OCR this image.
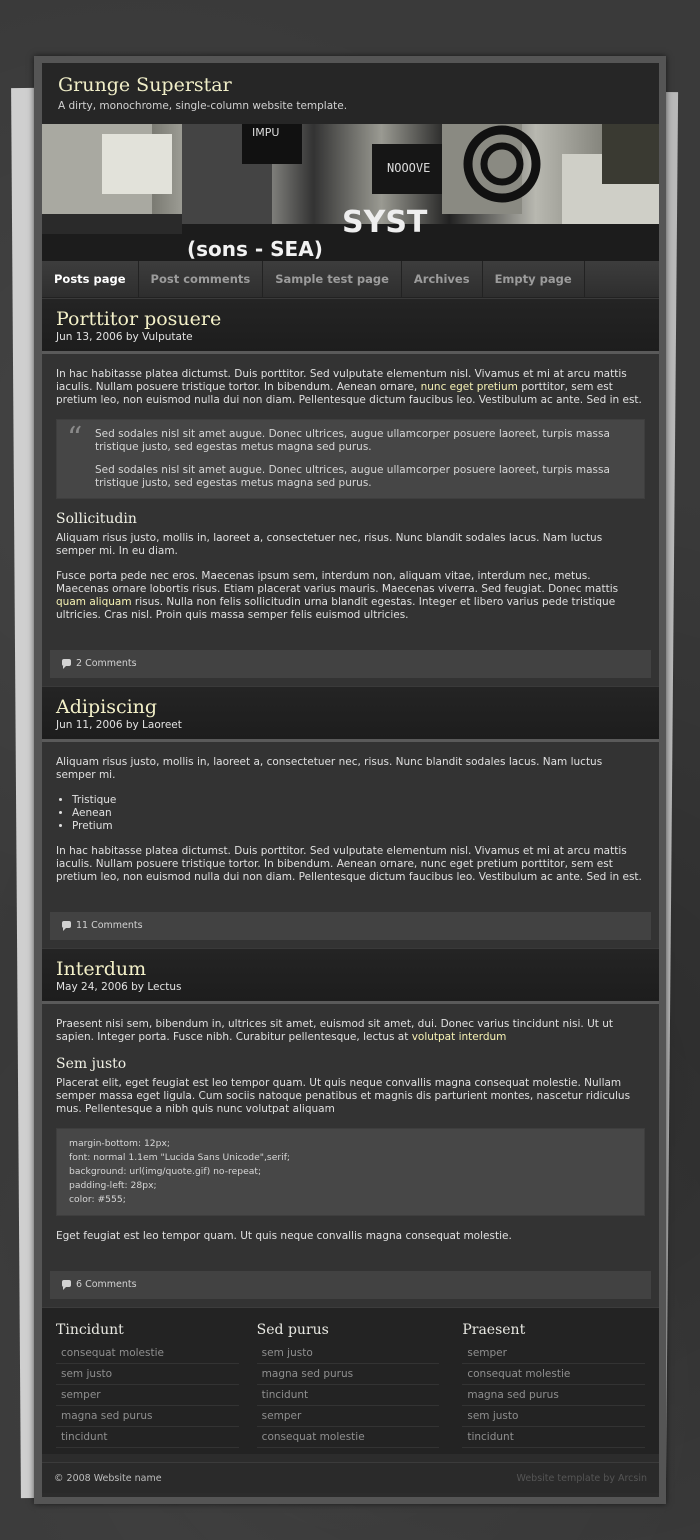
Grunge Superstar
A dirty, monochrome, single-column website template.
IMPU
NOOOVE
SYST
(sons - SEA)
Posts page	Post comments	Sample test page	Archives	Empty page
Porttitor posuere
Jun 13, 2006 by Vulputate

In hac habitasse platea dictumst. Duis porttitor. Sed vulputate elementum nisl. Vivamus et mi at arcu mattis iaculis. Nullam posuere tristique tortor. In bibendum. Aenean ornare, nunc eget pretium porttitor, sem est pretium leo, non euismod nulla dui non diam. Pellentesque dictum faucibus leo. Vestibulum ac ante. Sed in est.

“ Sed sodales nisl sit amet augue. Donec ultrices, augue ullamcorper posuere laoreet, turpis massa tristique justo, sed egestas metus magna sed purus.

Sed sodales nisl sit amet augue. Donec ultrices, augue ullamcorper posuere laoreet, turpis massa tristique justo, sed egestas metus magna sed purus.

Sollicitudin

Aliquam risus justo, mollis in, laoreet a, consectetuer nec, risus. Nunc blandit sodales lacus. Nam luctus semper mi. In eu diam.

Fusce porta pede nec eros. Maecenas ipsum sem, interdum non, aliquam vitae, interdum nec, metus. Maecenas ornare lobortis risus. Etiam placerat varius mauris. Maecenas viverra. Sed feugiat. Donec mattis quam aliquam risus. Nulla non felis sollicitudin urna blandit egestas. Integer et libero varius pede tristique ultricies. Cras nisl. Proin quis massa semper felis euismod ultricies.

2 Comments
Adipiscing
Jun 11, 2006 by Laoreet

Aliquam risus justo, mollis in, laoreet a, consectetuer nec, risus. Nunc blandit sodales lacus. Nam luctus semper mi.

• Tristique
• Aenean
• Pretium

In hac habitasse platea dictumst. Duis porttitor. Sed vulputate elementum nisl. Vivamus et mi at arcu mattis iaculis. Nullam posuere tristique tortor. In bibendum. Aenean ornare, nunc eget pretium porttitor, sem est pretium leo, non euismod nulla dui non diam. Pellentesque dictum faucibus leo. Vestibulum ac ante. Sed in est.

11 Comments
Interdum
May 24, 2006 by Lectus

Praesent nisi sem, bibendum in, ultrices sit amet, euismod sit amet, dui. Donec varius tincidunt nisi. Ut ut sapien. Integer porta. Fusce nibh. Curabitur pellentesque, lectus at volutpat interdum

Sem justo

Placerat elit, eget feugiat est leo tempor quam. Ut quis neque convallis magna consequat molestie. Nullam semper massa eget ligula. Cum sociis natoque penatibus et magnis dis parturient montes, nascetur ridiculus mus. Pellentesque a nibh quis nunc volutpat aliquam

margin-bottom: 12px;
font: normal 1.1em "Lucida Sans Unicode",serif;
background: url(img/quote.gif) no-repeat;
padding-left: 28px;
color: #555;

Eget feugiat est leo tempor quam. Ut quis neque convallis magna consequat molestie.

6 Comments
Tincidunt
consequat molestie
sem justo
semper
magna sed purus
tincidunt
Sed purus
sem justo
magna sed purus
tincidunt
semper
consequat molestie
Praesent
semper
consequat molestie
magna sed purus
sem justo
tincidunt
© 2008 Website name	Website template by Arcsin
